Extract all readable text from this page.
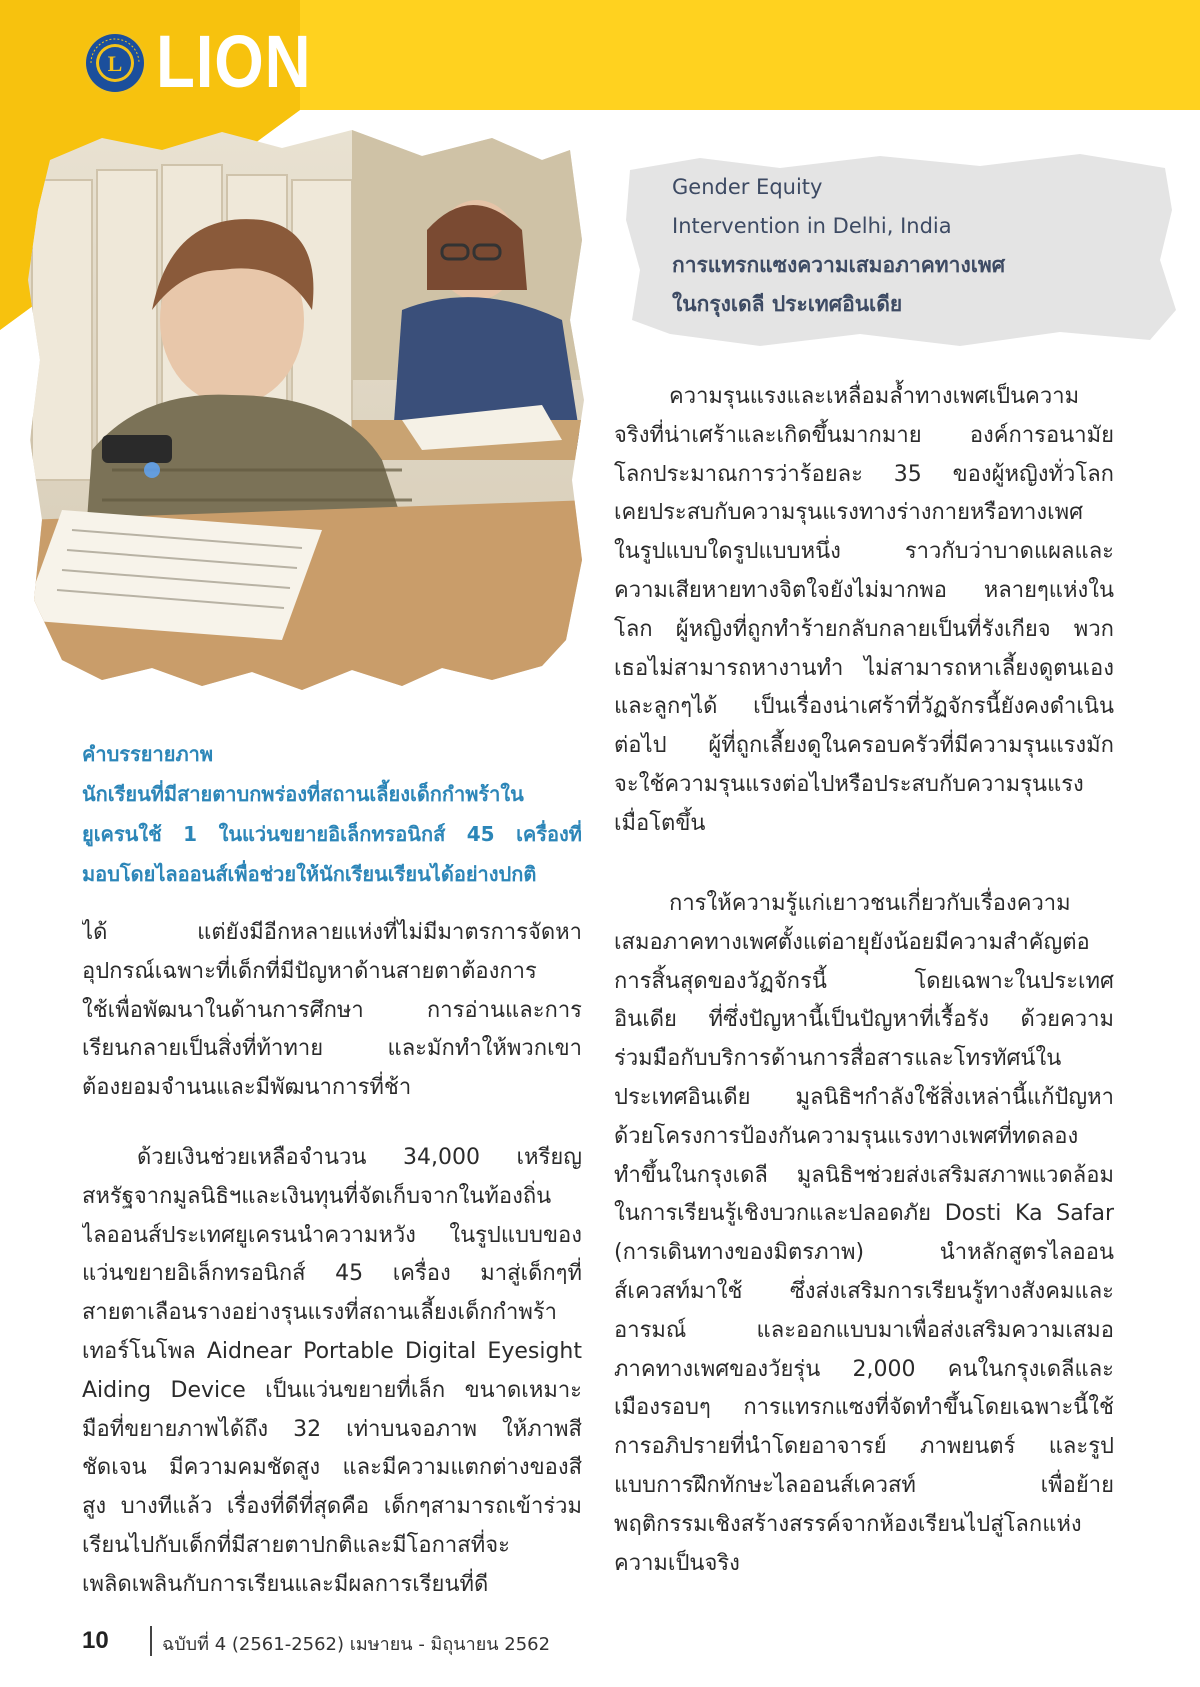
L LION
Gender Equity
Intervention in Delhi, India
การแทรกแซงความเสมอภาคทางเพศ
ในกรุงเดลี ประเทศอินเดีย
คำบรรยายภาพ
นักเรียนที่มีสายตาบกพร่องที่สถานเลี้ยงเด็กกำพร้าใน
ยูเครนใช้ 1 ในแว่นขยายอิเล็กทรอนิกส์ 45 เครื่องที่
มอบโดยไลออนส์เพื่อช่วยให้นักเรียนเรียนได้อย่างปกติ
ได้ แต่ยังมีอีกหลายแห่งที่ไม่มีมาตรการจัดหา
อุปกรณ์เฉพาะที่เด็กที่มีปัญหาด้านสายตาต้องการ
ใช้เพื่อพัฒนาในด้านการศึกษา การอ่านและการ
เรียนกลายเป็นสิ่งที่ท้าทาย และมักทำให้พวกเขา
ต้องยอมจำนนและมีพัฒนาการที่ช้า
ด้วยเงินช่วยเหลือจำนวน 34,000 เหรียญ
สหรัฐจากมูลนิธิฯและเงินทุนที่จัดเก็บจากในท้องถิ่น
ไลออนส์ประเทศยูเครนนำความหวัง ในรูปแบบของ
แว่นขยายอิเล็กทรอนิกส์ 45 เครื่อง มาสู่เด็กๆที่
สายตาเลือนรางอย่างรุนแรงที่สถานเลี้ยงเด็กกำพร้า
เทอร์โนโพล Aidnear Portable Digital Eyesight
Aiding Device เป็นแว่นขยายที่เล็ก ขนาดเหมาะ
มือที่ขยายภาพได้ถึง 32 เท่าบนจอภาพ ให้ภาพสี
ชัดเจน มีความคมชัดสูง และมีความแตกต่างของสี
สูง บางทีแล้ว เรื่องที่ดีที่สุดคือ เด็กๆสามารถเข้าร่วม
เรียนไปกับเด็กที่มีสายตาปกติและมีโอกาสที่จะ
เพลิดเพลินกับการเรียนและมีผลการเรียนที่ดี
ความรุนแรงและเหลื่อมล้ำทางเพศเป็นความ
จริงที่น่าเศร้าและเกิดขึ้นมากมาย องค์การอนามัย
โลกประมาณการว่าร้อยละ 35 ของผู้หญิงทั่วโลก
เคยประสบกับความรุนแรงทางร่างกายหรือทางเพศ
ในรูปแบบใดรูปแบบหนึ่ง ราวกับว่าบาดแผลและ
ความเสียหายทางจิตใจยังไม่มากพอ หลายๆแห่งใน
โลก ผู้หญิงที่ถูกทำร้ายกลับกลายเป็นที่รังเกียจ พวก
เธอไม่สามารถหางานทำ ไม่สามารถหาเลี้ยงดูตนเอง
และลูกๆได้ เป็นเรื่องน่าเศร้าที่วัฏจักรนี้ยังคงดำเนิน
ต่อไป ผู้ที่ถูกเลี้ยงดูในครอบครัวที่มีความรุนแรงมัก
จะใช้ความรุนแรงต่อไปหรือประสบกับความรุนแรง
เมื่อโตขึ้น
การให้ความรู้แก่เยาวชนเกี่ยวกับเรื่องความ
เสมอภาคทางเพศตั้งแต่อายุยังน้อยมีความสำคัญต่อ
การสิ้นสุดของวัฏจักรนี้ โดยเฉพาะในประเทศ
อินเดีย ที่ซึ่งปัญหานี้เป็นปัญหาที่เรื้อรัง ด้วยความ
ร่วมมือกับบริการด้านการสื่อสารและโทรทัศน์ใน
ประเทศอินเดีย มูลนิธิฯกำลังใช้สิ่งเหล่านี้แก้ปัญหา
ด้วยโครงการป้องกันความรุนแรงทางเพศที่ทดลอง
ทำขึ้นในกรุงเดลี มูลนิธิฯช่วยส่งเสริมสภาพแวดล้อม
ในการเรียนรู้เชิงบวกและปลอดภัย Dosti Ka Safar
(การเดินทางของมิตรภาพ) นำหลักสูตรไลออน
ส์เควสท์มาใช้ ซึ่งส่งเสริมการเรียนรู้ทางสังคมและ
อารมณ์ และออกแบบมาเพื่อส่งเสริมความเสมอ
ภาคทางเพศของวัยรุ่น 2,000 คนในกรุงเดลีและ
เมืองรอบๆ การแทรกแซงที่จัดทำขึ้นโดยเฉพาะนี้ใช้
การอภิปรายที่นำโดยอาจารย์ ภาพยนตร์ และรูป
แบบการฝึกทักษะไลออนส์เควสท์ เพื่อย้าย
พฤติกรรมเชิงสร้างสรรค์จากห้องเรียนไปสู่โลกแห่ง
ความเป็นจริง
10	ฉบับที่ 4 (2561-2562) เมษายน - มิถุนายน 2562
